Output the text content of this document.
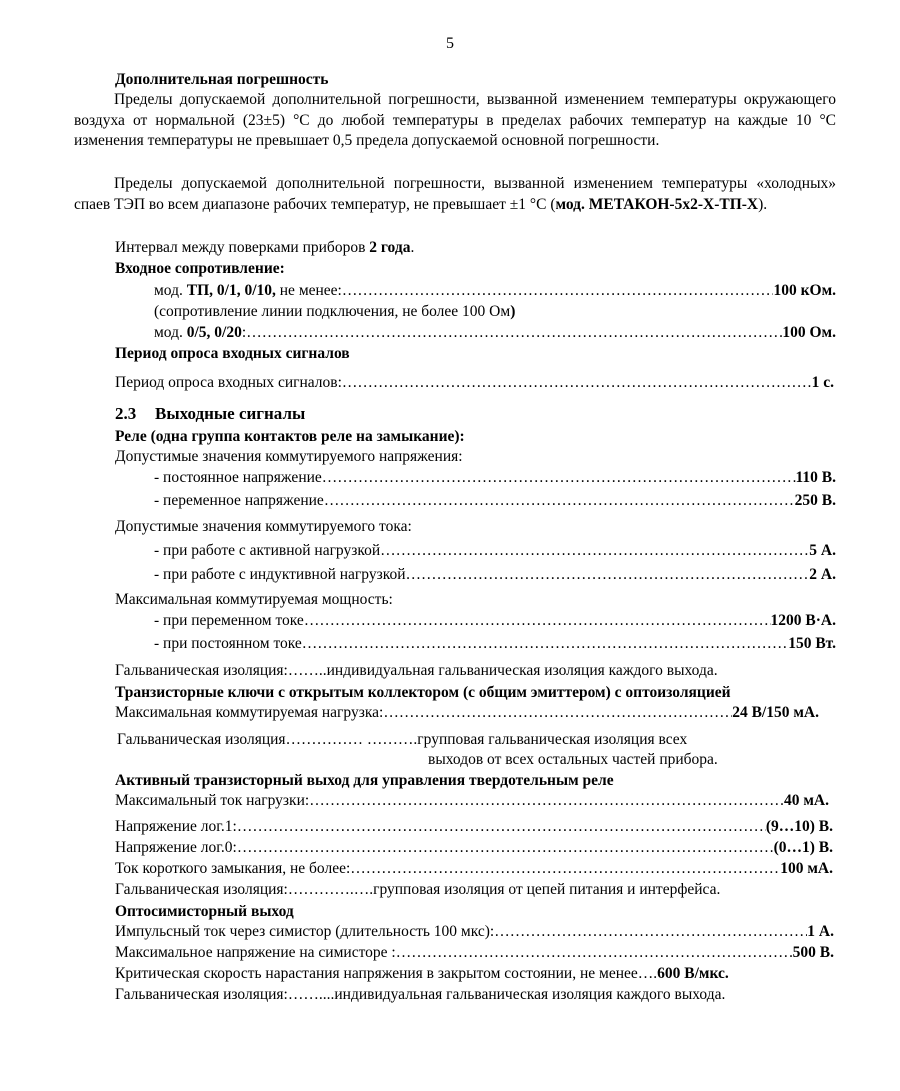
5
Дополнительная погрешность
Пределы допускаемой дополнительной погрешности, вызванной изменением температуры окружающего воздуха от нормальной (23±5) °С до любой температуры в пределах рабочих температур на каждые 10 °С изменения температуры не превышает 0,5 предела допускаемой основной погрешности.
Пределы допускаемой дополнительной погрешности, вызванной изменением температуры «холодных» спаев ТЭП во всем диапазоне рабочих температур, не превышает ±1 °С (мод. МЕТАКОН-5х2-Х-ТП-Х).
Интервал между поверками приборов 2 года.
Входное сопротивление:
мод. ТП, 0/1, 0/10, не менее: ……………………………………………………………………………………………………………………………………………………………………………………………………	100 кОм.
(сопротивление линии подключения, не более 100 Ом)
мод. 0/5, 0/20: ……………………………………………………………………………………………………………………………………………………………………………………………………	100 Ом.
Период опроса входных сигналов
Период опроса входных сигналов: ……………………………………………………………………………………………………………………………………………………………………………………………………	1 с.
2.3 Выходные сигналы
Реле (одна группа контактов реле на замыкание):
Допустимые значения коммутируемого напряжения:
- постоянное напряжение ……………………………………………………………………………………………………………………………………………………………………………………………………	110 В.
- переменное напряжение ……………………………………………………………………………………………………………………………………………………………………………………………………	250 В.
Допустимые значения коммутируемого тока:
- при работе с активной нагрузкой ……………………………………………………………………………………………………………………………………………………………………………………………………	5 А.
- при работе с индуктивной нагрузкой ……………………………………………………………………………………………………………………………………………………………………………………………………	2 А.
Максимальная коммутируемая мощность:
- при переменном токе ……………………………………………………………………………………………………………………………………………………………………………………………………	1200 В·А.
- при постоянном токе ……………………………………………………………………………………………………………………………………………………………………………………………………	150 Вт.
Гальваническая изоляция:……..индивидуальная гальваническая изоляция каждого выхода.
Транзисторные ключи с открытым коллектором (с общим эмиттером) с оптоизоляцией
Максимальная коммутируемая нагрузка: ……………………………………………………………………………………………………………………………………………………………………………………………………	24 В/150 мА.
Гальваническая изоляция…………… ……….групповая гальваническая изоляция всех
выходов от всех остальных частей прибора.
Активный транзисторный выход для управления твердотельным реле
Максимальный ток нагрузки: ……………………………………………………………………………………………………………………………………………………………………………………………………	40 мА.
Напряжение лог.1: ……………………………………………………………………………………………………………………………………………………………………………………………………	(9…10) В.
Напряжение лог.0: ……………………………………………………………………………………………………………………………………………………………………………………………………	(0…1) В.
Ток короткого замыкания, не более: ……………………………………………………………………………………………………………………………………………………………………………………………………	100 мА.
Гальваническая изоляция:………….….групповая изоляция от цепей питания и интерфейса.
Оптосимисторный выход
Импульсный ток через симистор (длительность 100 мкс): ……………………………………………………………………………………………………………………………………………………………………………………………………	1 А.
Максимальное напряжение на симисторе : ……………………………………………………………………………………………………………………………………………………………………………………………………	500 В.
Критическая скорость нарастания напряжения в закрытом состоянии, не менее….600 В/мкс.
Гальваническая изоляция:……....индивидуальная гальваническая изоляция каждого выхода.
